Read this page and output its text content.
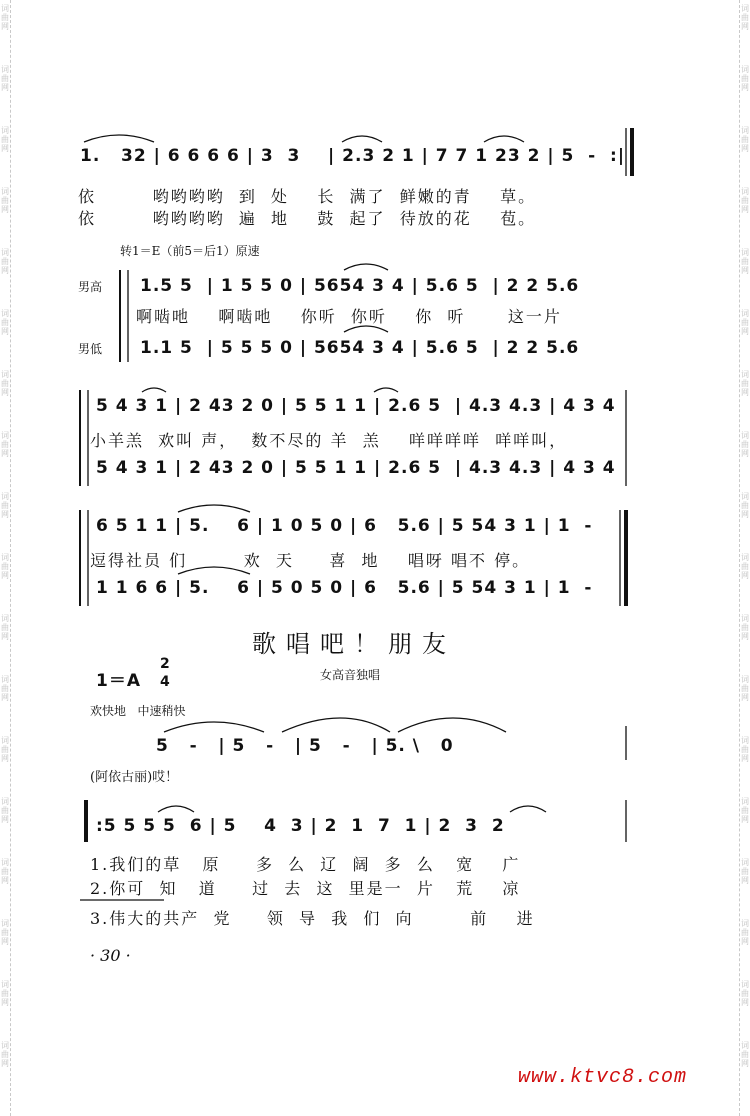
词
曲
网
词
曲
网
词
曲
网
词
曲
网
词
曲
网
词
曲
网
词
曲
网
词
曲
网
词
曲
网
词
曲
网
词
曲
网
词
曲
网
词
曲
网
词
曲
网
词
曲
网
词
曲
网
词
曲
网
词
曲
网
词
曲
网
词
曲
网
词
曲
网
词
曲
网
词
曲
网
词
曲
网
词
曲
网
词
曲
网
词
曲
网
词
曲
网
词
曲
网
词
曲
网
词
曲
网
词
曲
网
词
曲
网
词
曲
网
词
曲
网
词
曲
网
1.   32 | 6 6 6 6 | 3  3    | 2.3 2 1 | 7 7 1 23 2 | 5  -  :|
依        哟哟哟哟  到  处    长  满了  鲜嫩的青    草。
依        哟哟哟哟  遍  地    鼓  起了  待放的花    苞。
转1＝E（前5＝后1）原速
男高
男低
1.5 5  | 1 5 5 0 | 5654 3 4 | 5.6 5  | 2 2 5.6
啊啮吔    啊啮吔    你听  你听    你  听      这一片
1.1 5  | 5 5 5 0 | 5654 3 4 | 5.6 5  | 2 2 5.6
5 4 3 1 | 2 43 2 0 | 5 5 1 1 | 2.6 5  | 4.3 4.3 | 4 3 4
小羊羔  欢叫 声，  数不尽的 羊  羔    咩咩咩咩  咩咩叫，
5 4 3 1 | 2 43 2 0 | 5 5 1 1 | 2.6 5  | 4.3 4.3 | 4 3 4
6 5 1 1 | 5.    6 | 1 0 5 0 | 6   5.6 | 5 54 3 1 | 1  -
逗得社员 们        欢  天     喜  地    唱呀 唱不 停。
1 1 6 6 | 5.    6 | 5 0 5 0 | 6   5.6 | 5 54 3 1 | 1  -
歌唱吧！朋友
1＝A
2
4	女高音独唱
欢快地   中速稍快
5   -   | 5   -   | 5   -   | 5. \   0
(阿依古丽)哎！
:5 5 5 5  6 | 5    4  3 | 2  1  7  1 | 2  3  2
1.我们的草   原     多  么  辽  阔  多  么   宽    广
2.你可  知   道     过  去  这  里是一  片   荒    凉
3.伟大的共产  党     领  导  我  们  向        前    进
· 30 ·
www.ktvc8.com
